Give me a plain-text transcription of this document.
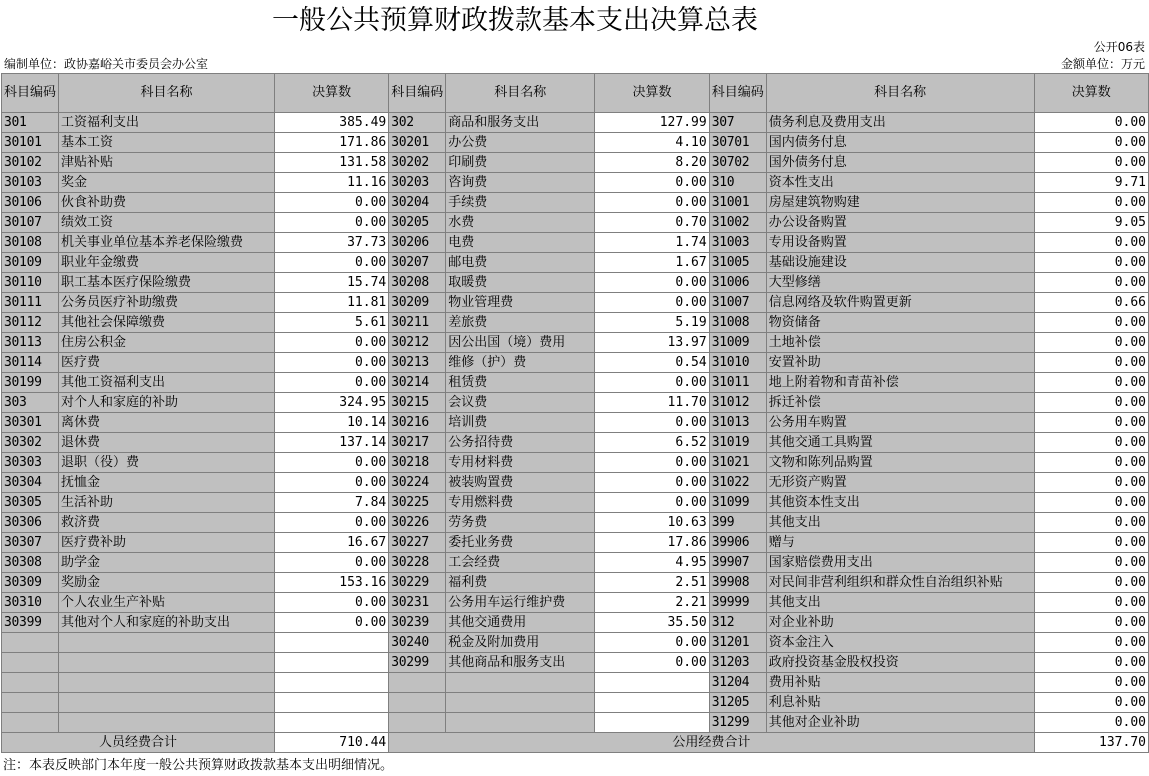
一般公共预算财政拨款基本支出决算总表
公开06表
编制单位：政协嘉峪关市委员会办公室	金额单位：万元
科目编码	科目名称	决算数	科目编码	科目名称	决算数	科目编码	科目名称	决算数
301	工资福利支出	385.49	302	商品和服务支出	127.99	307	债务利息及费用支出	0.00
30101	基本工资	171.86	30201	办公费	4.10	30701	国内债务付息	0.00
30102	津贴补贴	131.58	30202	印刷费	8.20	30702	国外债务付息	0.00
30103	奖金	11.16	30203	咨询费	0.00	310	资本性支出	9.71
30106	伙食补助费	0.00	30204	手续费	0.00	31001	房屋建筑物购建	0.00
30107	绩效工资	0.00	30205	水费	0.70	31002	办公设备购置	9.05
30108	机关事业单位基本养老保险缴费	37.73	30206	电费	1.74	31003	专用设备购置	0.00
30109	职业年金缴费	0.00	30207	邮电费	1.67	31005	基础设施建设	0.00
30110	职工基本医疗保险缴费	15.74	30208	取暖费	0.00	31006	大型修缮	0.00
30111	公务员医疗补助缴费	11.81	30209	物业管理费	0.00	31007	信息网络及软件购置更新	0.66
30112	其他社会保障缴费	5.61	30211	差旅费	5.19	31008	物资储备	0.00
30113	住房公积金	0.00	30212	因公出国（境）费用	13.97	31009	土地补偿	0.00
30114	医疗费	0.00	30213	维修（护）费	0.54	31010	安置补助	0.00
30199	其他工资福利支出	0.00	30214	租赁费	0.00	31011	地上附着物和青苗补偿	0.00
303	对个人和家庭的补助	324.95	30215	会议费	11.70	31012	拆迁补偿	0.00
30301	离休费	10.14	30216	培训费	0.00	31013	公务用车购置	0.00
30302	退休费	137.14	30217	公务招待费	6.52	31019	其他交通工具购置	0.00
30303	退职（役）费	0.00	30218	专用材料费	0.00	31021	文物和陈列品购置	0.00
30304	抚恤金	0.00	30224	被装购置费	0.00	31022	无形资产购置	0.00
30305	生活补助	7.84	30225	专用燃料费	0.00	31099	其他资本性支出	0.00
30306	救济费	0.00	30226	劳务费	10.63	399	其他支出	0.00
30307	医疗费补助	16.67	30227	委托业务费	17.86	39906	赠与	0.00
30308	助学金	0.00	30228	工会经费	4.95	39907	国家赔偿费用支出	0.00
30309	奖励金	153.16	30229	福利费	2.51	39908	对民间非营利组织和群众性自治组织补贴	0.00
30310	个人农业生产补贴	0.00	30231	公务用车运行维护费	2.21	39999	其他支出	0.00
30399	其他对个人和家庭的补助支出	0.00	30239	其他交通费用	35.50	312	对企业补助	0.00
			30240	税金及附加费用	0.00	31201	资本金注入	0.00
			30299	其他商品和服务支出	0.00	31203	政府投资基金股权投资	0.00
						31204	费用补贴	0.00
						31205	利息补贴	0.00
						31299	其他对企业补助	0.00
人员经费合计		710.44	公用经费合计					137.70
注：本表反映部门本年度一般公共预算财政拨款基本支出明细情况。
